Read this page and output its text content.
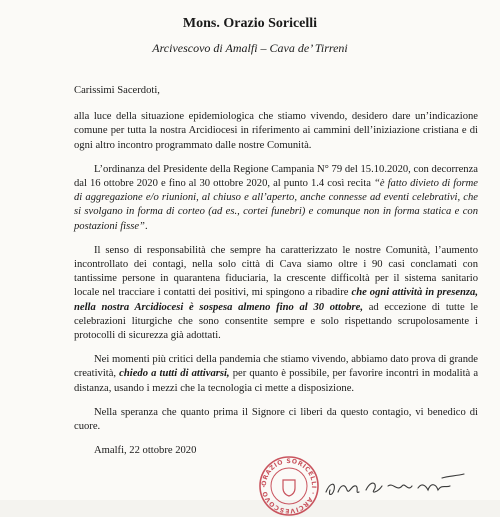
Mons. Orazio Soricelli
Arcivescovo di Amalfi – Cava de’ Tirreni

Carissimi Sacerdoti,

alla luce della situazione epidemiologica che stiamo vivendo, desidero dare un’indicazione comune per tutta la nostra Arcidiocesi in riferimento ai cammini dell’iniziazione cristiana e di ogni altro incontro programmato dalle nostre Comunità.

L’ordinanza del Presidente della Regione Campania N° 79 del 15.10.2020, con decorrenza dal 16 ottobre 2020 e fino al 30 ottobre 2020, al punto 1.4 così recita “è fatto divieto di forme di aggregazione e/o riunioni, al chiuso e all’aperto, anche connesse ad eventi celebrativi, che si svolgano in forma di corteo (ad es., cortei funebri) e comunque non in forma statica e con postazioni fisse”.

Il senso di responsabilità che sempre ha caratterizzato le nostre Comunità, l’aumento incontrollato dei contagi, nella solo città di Cava siamo oltre i 90 casi conclamati con tantissime persone in quarantena fiduciaria, la crescente difficoltà per il sistema sanitario locale nel tracciare i contatti dei positivi, mi spingono a ribadire che ogni attività in presenza, nella nostra Arcidiocesi è sospesa almeno fino al 30 ottobre, ad eccezione di tutte le celebrazioni liturgiche che sono consentite sempre e solo rispettando scrupolosamente i protocolli di sicurezza già adottati.

Nei momenti più critici della pandemia che stiamo vivendo, abbiamo dato prova di grande creatività, chiedo a tutti di attivarsi, per quanto è possibile, per favorire incontri in modalità a distanza, usando i mezzi che la tecnologia ci mette a disposizione.

Nella speranza che quanto prima il Signore ci liberi da questo contagio, vi benedico di cuore.

Amalfi, 22 ottobre 2020

ORAZIO SORICELLI · ARCIVESCOVO ·
